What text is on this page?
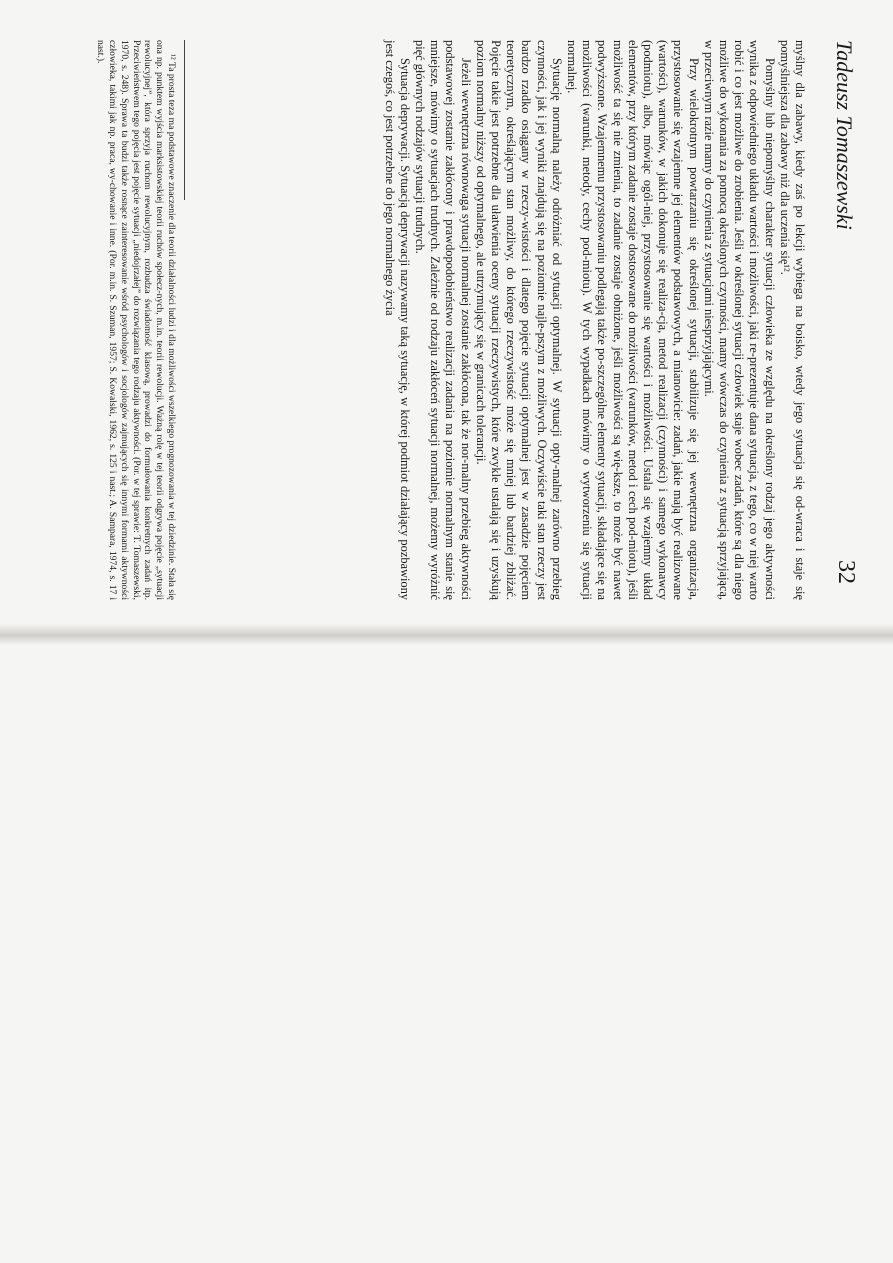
Tadeusz Tomaszewski
32

myślny dla zabawy, kiedy zaś po lekcji wybiega na boisko, wtedy jego sytuacja się od-wraca i staje się pomyślniejsza dla zabawy niż dla uczenia się¹².

Pomyślny lub niepomyślny charakter sytuacji człowieka ze względu na określony rodzaj jego aktywności wynika z odpowiedniego układu wartości i możliwości, jaki re-prezentuje dana sytuacja, z tego, co w niej warto robić i co jest możliwe do zrobienia. Jeśli w określonej sytuacji człowiek staje wobec zadań, które są dla niego możliwe do wykonania za pomocą określonych czynności, mamy wówczas do czynienia z sytuacją sprzyjającą, w przeciwnym razie mamy do czynienia z sytuacjami niesprzyjającymi.

Przy wielokrotnym powtarzaniu się określonej sytuacji, stabilizuje się jej wewnętrzna organizacja, przystosowanie się wzajemne jej elementów podstawowych, a mianowicie: zadań, jakie mają być realizowane (wartości), warunków, w jakich dokonuje się realiza-cja, metod realizacji (czynności) i samego wykonawcy (podmiotu), albo, mówiąc ogól-niej, przystosowanie się wartości i możliwości. Ustala się wzajemny układ elementów, przy którym zadanie zostaje dostosowane do możliwości (warunków, metod i cech pod-miotu), jeśli możliwość ta się nie zmienia, to zadanie zostaje obniżone, jeśli możliwości są wię-ksze, to może być nawet podwyższone. Wzajemnemu przystosowaniu podlegają także po-szczególne elementy sytuacji, składające się na możliwości (warunki, metody, cechy pod-miotu). W tych wypadkach mówimy o wytworzeniu się sytuacji normalnej.

Sytuację normalną należy odróżniać od sytuacji optymalnej. W sytuacji opty-malnej zarówno przebieg czynności, jak i jej wyniki znajdują się na poziomie najle-pszym z możliwych. Oczywiście taki stan rzeczy jest bardzo rzadko osiągany w rzeczy-wistości i dlatego pojęcie sytuacji optymalnej jest w zasadzie pojęciem teoretycznym, określającym stan możliwy, do którego rzeczywistość może się mniej lub bardziej zbliżać. Pojęcie takie jest potrzebne dla ułatwienia oceny sytuacji rzeczywistych, które zwykle ustalają się i uzyskują poziom normalny niższy od optymalnego, ale utrzymujący się w granicach tolerancji.

Jeżeli wewnętrzna równowaga sytuacji normalnej zostanie zakłócona, tak że nor-malny przebieg aktywności podstawowej zostanie zakłócony i prawdopodobieństwo realizacji zadania na poziomie normalnym stanie się mniejsze, mówimy o sytuacjach trudnych. Zależnie od rodzaju zakłóceń sytuacji normalnej, możemy wyróżnić pięć głównych rodzajów sytuacji trudnych.

Sytuacja deprywacji. Sytuacją deprywacji nazywamy taką sytuację, w której podmiot działający pozbawiony jest czegoś, co jest potrzebne do jego normalnego życia

¹² Ta prosta teza ma podstawowe znaczenie dla teorii działalności ludzi i dla możliwości wszelkiego prognozowania w tej dziedzinie. Stała się ona np. punktem wyjścia marksistowskiej teorii ruchów społecz-nych, m.in. teorii rewolucji. Ważną rolę w tej teorii odgrywa pojęcie „sytuacji rewolucyjnej”, która sprzyja ruchom rewolucyjnym, rozbudza świadomość klasową, prowadzi do formułowania konkretnych zadań itp. Przeciwieństwem tego pojęcia jest pojęcie sytuacji „niedojrzałej” do rozwiązania tego rodzaju aktywności. (Por. w tej sprawie: T. Tomaszewski, 1970, s. 248). Sprawa ta budzi także rosnące zainteresowanie wśród psychologów i socjologów zajmujących się innymi formami aktywności człowieka, takimi jak np. praca, wy-chowanie i inne. (Por. m.in. S. Szuman, 1957; S. Kowalski, 1962, s. 125 i nast.; A. Sampara, 1974, s. 17 i nast.).
